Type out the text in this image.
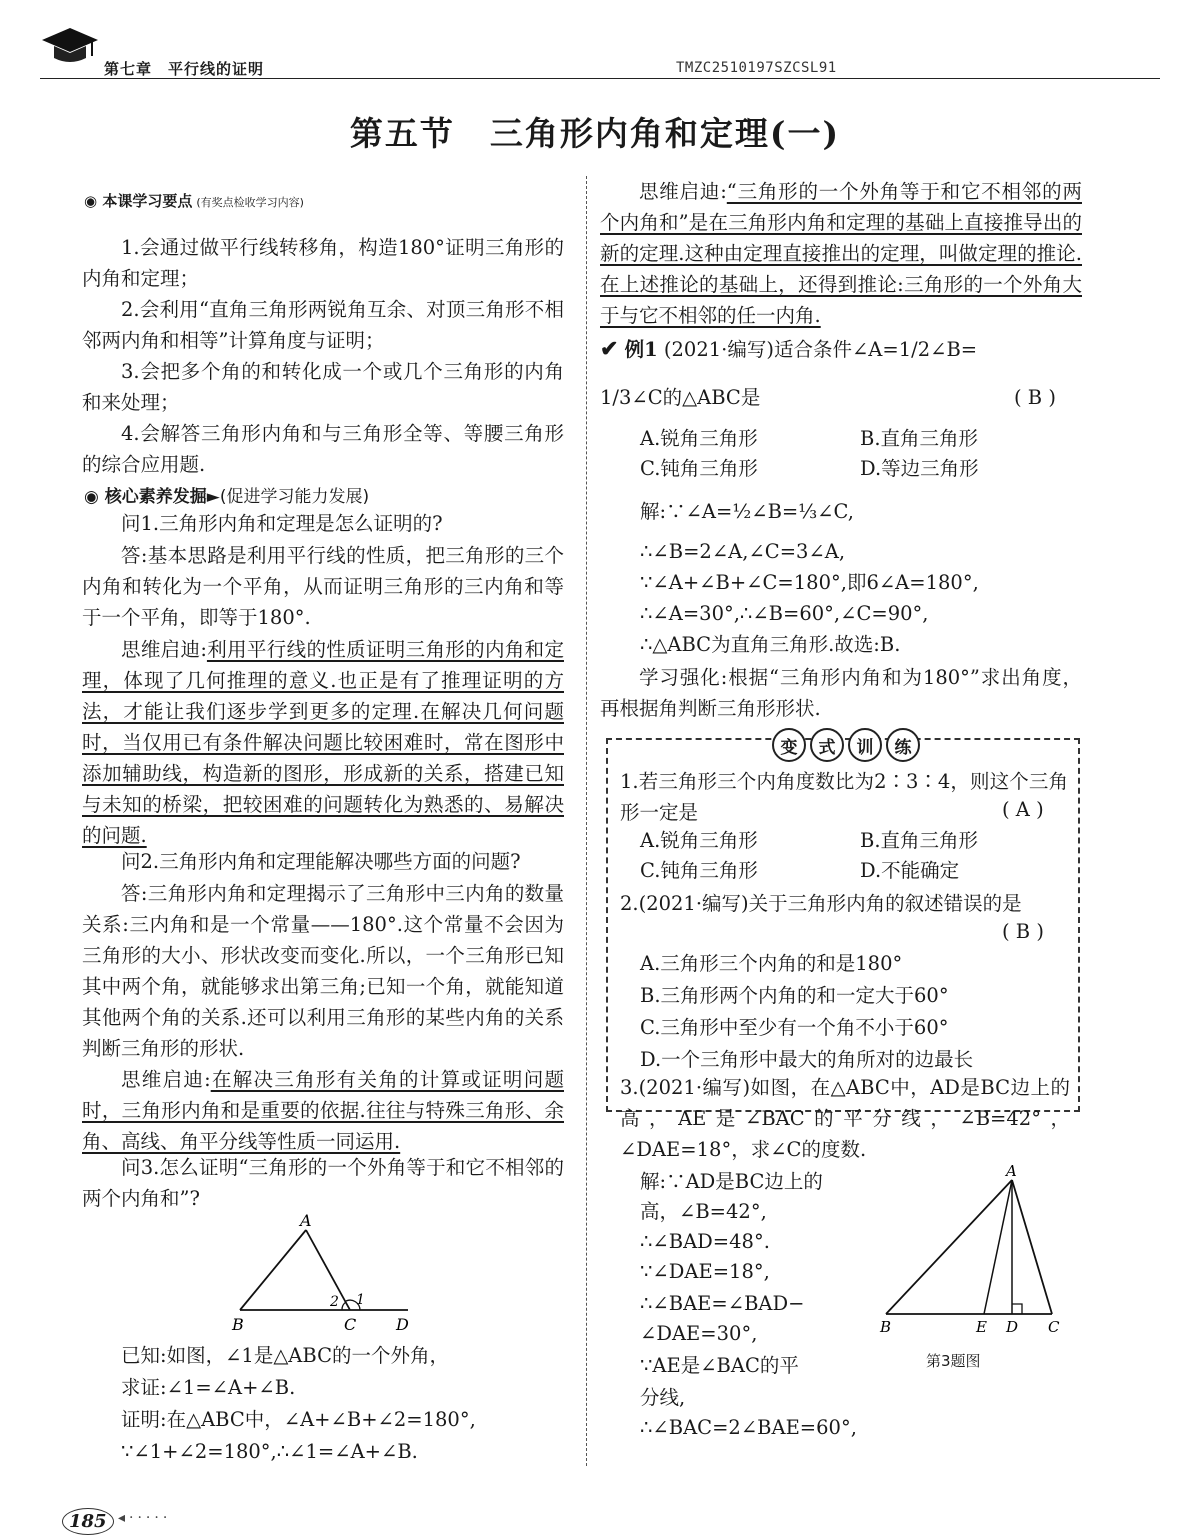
第七章　平行线的证明	TMZC2510197SZCSL91
第五节　三角形内角和定理(一)
◉ 本课学习要点 (有奖点检收学习内容)

1.会通过做平行线转移角，构造180°证明三角形的内角和定理；

2.会利用“直角三角形两锐角互余、对顶三角形不相邻两内角和相等”计算角度与证明；

3.会把多个角的和转化成一个或几个三角形的内角和来处理；

4.会解答三角形内角和与三角形全等、等腰三角形的综合应用题.

◉ 核心素养发掘►(促进学习能力发展)

问1.三角形内角和定理是怎么证明的?

答:基本思路是利用平行线的性质，把三角形的三个内角和转化为一个平角，从而证明三角形的三内角和等于一个平角，即等于180°.

思维启迪:利用平行线的性质证明三角形的内角和定理，体现了几何推理的意义.也正是有了推理证明的方法，才能让我们逐步学到更多的定理.在解决几何问题时，当仅用已有条件解决问题比较困难时，常在图形中添加辅助线，构造新的图形，形成新的关系，搭建已知与未知的桥梁，把较困难的问题转化为熟悉的、易解决的问题.

问2.三角形内角和定理能解决哪些方面的问题?

答:三角形内角和定理揭示了三角形中三内角的数量关系:三内角和是一个常量——180°.这个常量不会因为三角形的大小、形状改变而变化.所以，一个三角形已知其中两个角，就能够求出第三角;已知一个角，就能知道其他两个角的关系.还可以利用三角形的某些内角的关系判断三角形的形状.

思维启迪:在解决三角形有关角的计算或证明问题时，三角形内角和是重要的依据.往往与特殊三角形、余角、高线、角平分线等性质一同运用.

问3.怎么证明“三角形的一个外角等于和它不相邻的两个内角和”?

A
B	C D
1
2

已知:如图，∠1是△ABC的一个外角，

求证:∠1=∠A+∠B.

证明:在△ABC中，∠A+∠B+∠2=180°,

∵∠1+∠2=180°,∴∠1=∠A+∠B.

思维启迪:“三角形的一个外角等于和它不相邻的两个内角和”是在三角形内角和定理的基础上直接推导出的新的定理.这种由定理直接推出的定理，叫做定理的推论.在上述推论的基础上，还得到推论:三角形的一个外角大于与它不相邻的任一内角.

✔ 例1 (2021·编写)适合条件∠A=1/2∠B=
1/3∠C的△ABC是	( B )
A.锐角三角形	B.直角三角形
C.钝角三角形	D.等边三角形

解:∵∠A=½∠B=⅓∠C,

∴∠B=2∠A,∠C=3∠A,

∵∠A+∠B+∠C=180°,即6∠A=180°,

∴∠A=30°,∴∠B=60°,∠C=90°,

∴△ABC为直角三角形.故选:B.

学习强化:根据“三角形内角和为180°”求出角度，再根据角判断三角形形状.

变	式	训	练

1.若三角形三个内角度数比为2∶3∶4，则这个三角形一定是	( A )
A.锐角三角形	B.直角三角形
C.钝角三角形	D.不能确定

2.(2021·编写)关于三角形内角的叙述错误的是

( B )

A.三角形三个内角的和是180°

B.三角形两个内角的和一定大于60°

C.三角形中至少有一个角不小于60°

D.一个三角形中最大的角所对的边最长

3.(2021·编写)如图，在△ABC中，AD是BC边上的高，AE是∠BAC的平分线，∠B=42°，∠DAE=18°，求∠C的度数.

解:∵AD是BC边上的

高，∠B=42°,

∴∠BAD=48°.

∵∠DAE=18°,

∴∠BAE=∠BAD−

∠DAE=30°,

∵AE是∠BAC的平

分线,

∴∠BAC=2∠BAE=60°,

A
B	E D C
第3题图
185 ◂·····
